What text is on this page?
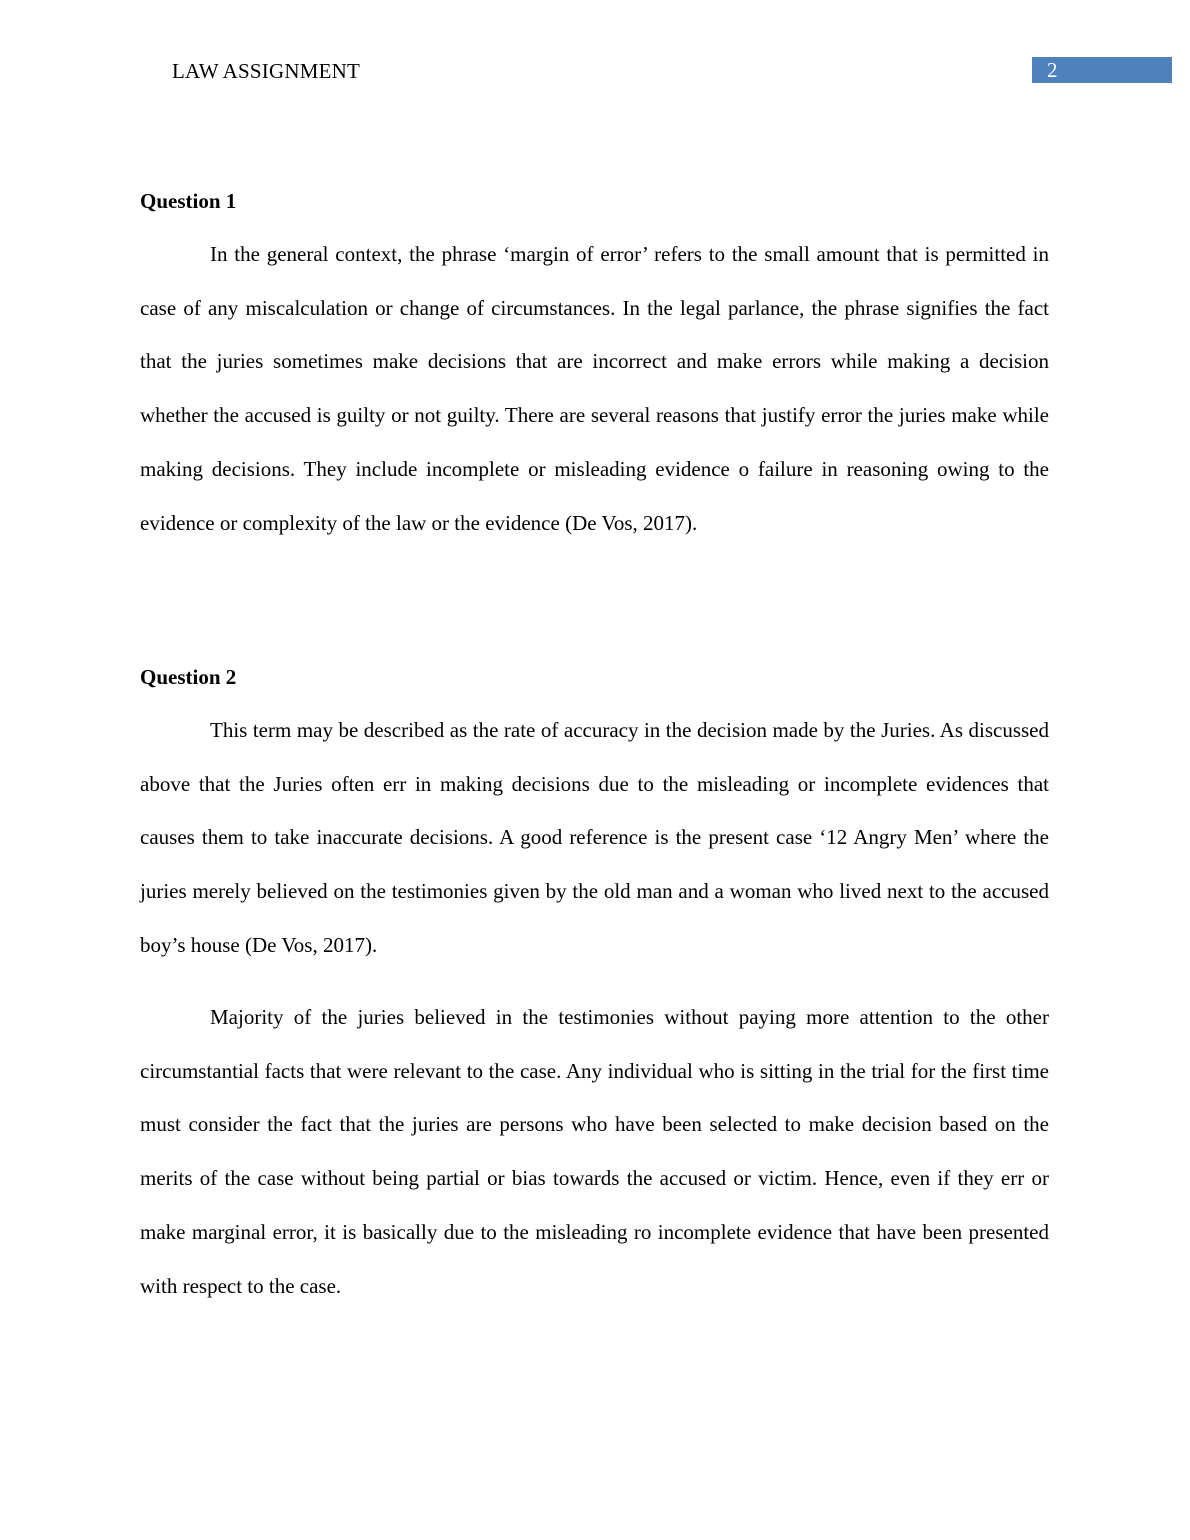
LAW ASSIGNMENT	2
Question 1

In the general context, the phrase ‘margin of error’ refers to the small amount that is permitted in case of any miscalculation or change of circumstances. In the legal parlance, the phrase signifies the fact that the juries sometimes make decisions that are incorrect and make errors while making a decision whether the accused is guilty or not guilty. There are several reasons that justify error the juries make while making decisions. They include incomplete or misleading evidence o failure in reasoning owing to the evidence or complexity of the law or the evidence (De Vos, 2017).

Question 2

This term may be described as the rate of accuracy in the decision made by the Juries. As discussed above that the Juries often err in making decisions due to the misleading or incomplete evidences that causes them to take inaccurate decisions. A good reference is the present case ‘12 Angry Men’ where the juries merely believed on the testimonies given by the old man and a woman who lived next to the accused boy’s house (De Vos, 2017).

Majority of the juries believed in the testimonies without paying more attention to the other circumstantial facts that were relevant to the case. Any individual who is sitting in the trial for the first time must consider the fact that the juries are persons who have been selected to make decision based on the merits of the case without being partial or bias towards the accused or victim. Hence, even if they err or make marginal error, it is basically due to the misleading ro incomplete evidence that have been presented with respect to the case.
